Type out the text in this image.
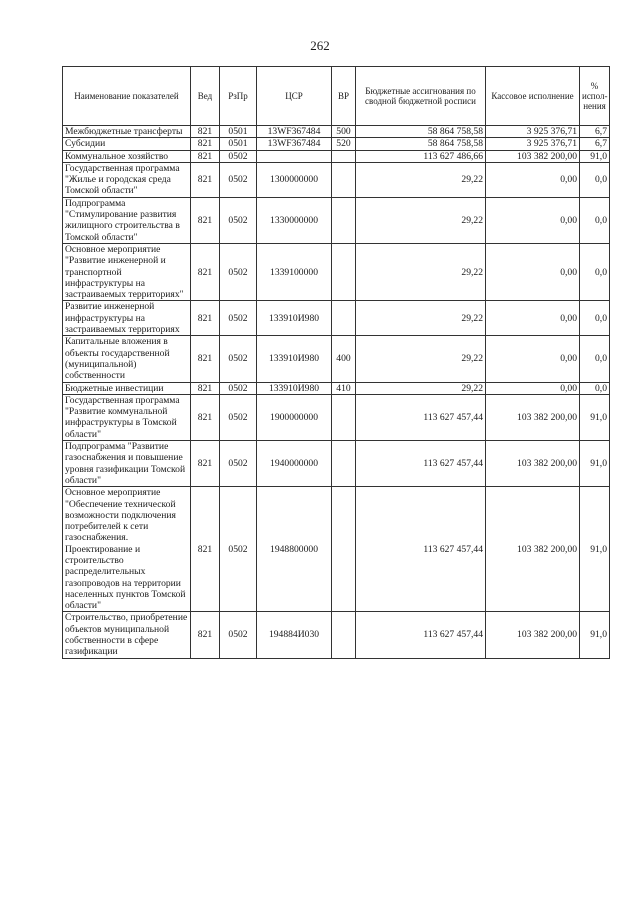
262
Наименование показателей	Вед	РзПр	ЦСР	ВР	Бюджетные ассигнования по сводной бюджетной росписи	Кассовое исполнение	% испол-нения
Межбюджетные трансферты	821	0501	13WF367484	500	58 864 758,58	3 925 376,71	6,7
Субсидии	821	0501	13WF367484	520	58 864 758,58	3 925 376,71	6,7
Коммунальное хозяйство	821	0502			113 627 486,66	103 382 200,00	91,0
Государственная программа "Жилье и городская среда Томской области"	821	0502	1300000000		29,22	0,00	0,0
Подпрограмма "Стимулирование развития жилищного строительства в Томской области"	821	0502	1330000000		29,22	0,00	0,0
Основное мероприятие "Развитие инженерной и транспортной инфраструктуры на застраиваемых территориях"	821	0502	1339100000		29,22	0,00	0,0
Развитие инженерной инфраструктуры на застраиваемых территориях	821	0502	133910И980		29,22	0,00	0,0
Капитальные вложения в объекты государственной (муниципальной) собственности	821	0502	133910И980	400	29,22	0,00	0,0
Бюджетные инвестиции	821	0502	133910И980	410	29,22	0,00	0,0
Государственная программа "Развитие коммунальной инфраструктуры в Томской области"	821	0502	1900000000		113 627 457,44	103 382 200,00	91,0
Подпрограмма "Развитие газоснабжения и повышение уровня газификации Томской области"	821	0502	1940000000		113 627 457,44	103 382 200,00	91,0
Основное мероприятие "Обеспечение технической возможности подключения потребителей к сети газоснабжения. Проектирование и строительство распределительных газопроводов на территории населенных пунктов Томской области"	821	0502	1948800000		113 627 457,44	103 382 200,00	91,0
Строительство, приобретение объектов муниципальной собственности в сфере газификации	821	0502	194884И030		113 627 457,44	103 382 200,00	91,0
